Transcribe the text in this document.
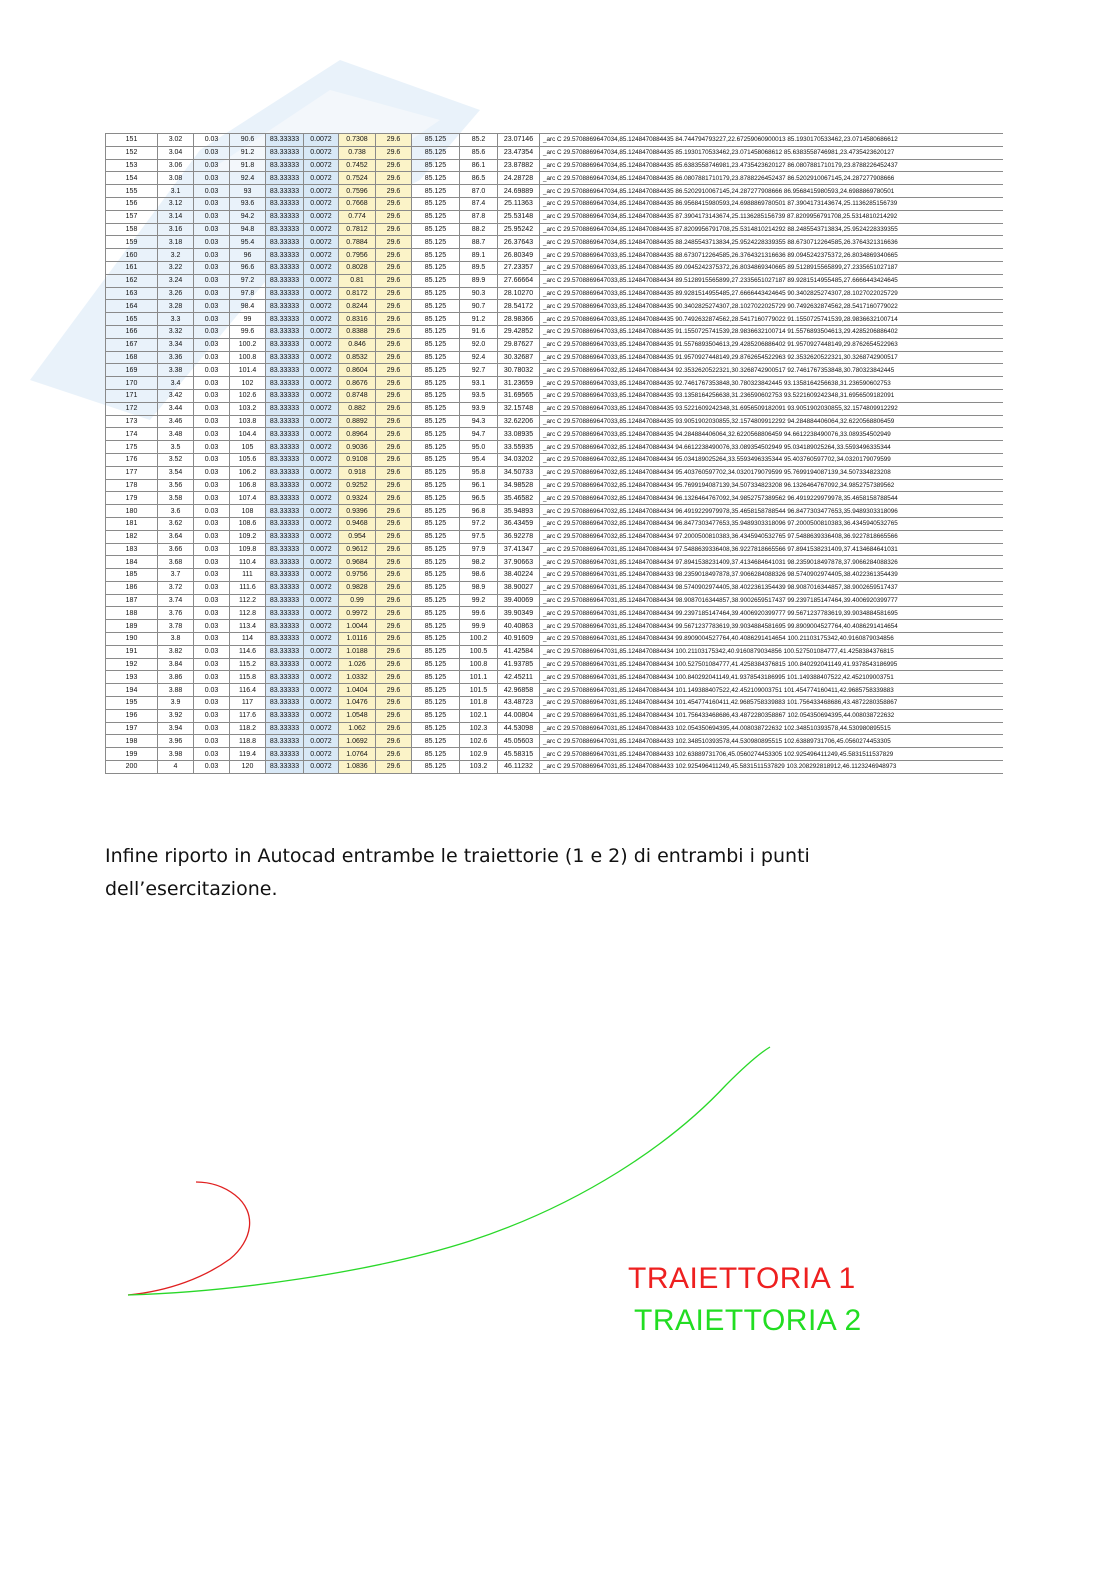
151	3.02	0.03	90.6	83.33333	0.0072	0.7308	29.6	85.125	85.2	23.07146	_arc C 29.5708869647034,85.1248470884435 84.744794793227,22.67259060900013 85.1930170533462,23.0714580686612
152	3.04	0.03	91.2	83.33333	0.0072	0.738	29.6	85.125	85.6	23.47354	_arc C 29.5708869647034,85.1248470884435 85.1930170533462,23.071458068612 85.6383558746981,23.4735423620127
153	3.06	0.03	91.8	83.33333	0.0072	0.7452	29.6	85.125	86.1	23.87882	_arc C 29.5708869647034,85.1248470884435 85.6383558746981,23.4735423620127 86.0807881710179,23.8788226452437
154	3.08	0.03	92.4	83.33333	0.0072	0.7524	29.6	85.125	86.5	24.28728	_arc C 29.5708869647034,85.1248470884435 86.0807881710179,23.8788226452437 86.5202910067145,24.287277908666
155	3.1	0.03	93	83.33333	0.0072	0.7596	29.6	85.125	87.0	24.69889	_arc C 29.5708869647034,85.1248470884435 86.5202910067145,24.287277908666 86.9568415980593,24.6988869780501
156	3.12	0.03	93.6	83.33333	0.0072	0.7668	29.6	85.125	87.4	25.11363	_arc C 29.5708869647034,85.1248470884435 86.9568415980593,24.6988869780501 87.3904173143674,25.1136285156739
157	3.14	0.03	94.2	83.33333	0.0072	0.774	29.6	85.125	87.8	25.53148	_arc C 29.5708869647034,85.1248470884435 87.3904173143674,25.1136285156739 87.8209956791708,25.5314810214292
158	3.16	0.03	94.8	83.33333	0.0072	0.7812	29.6	85.125	88.2	25.95242	_arc C 29.5708869647034,85.1248470884435 87.8209956791708,25.5314810214292 88.2485543713834,25.9524228339355
159	3.18	0.03	95.4	83.33333	0.0072	0.7884	29.6	85.125	88.7	26.37643	_arc C 29.5708869647034,85.1248470884435 88.2485543713834,25.9524228339355 88.6730712264585,26.3764321316636
160	3.2	0.03	96	83.33333	0.0072	0.7956	29.6	85.125	89.1	26.80349	_arc C 29.5708869647033,85.1248470884435 88.6730712264585,26.3764321316636 89.0945242375372,26.8034869340665
161	3.22	0.03	96.6	83.33333	0.0072	0.8028	29.6	85.125	89.5	27.23357	_arc C 29.5708869647033,85.1248470884435 89.0945242375372,26.8034869340665 89.5128915565899,27.2335651027187
162	3.24	0.03	97.2	83.33333	0.0072	0.81	29.6	85.125	89.9	27.66664	_arc C 29.5708869647033,85.1248470884434 89.5128915565899,27.2335651027187 89.9281514955485,27.6666443424645
163	3.26	0.03	97.8	83.33333	0.0072	0.8172	29.6	85.125	90.3	28.10270	_arc C 29.5708869647033,85.1248470884435 89.9281514955485,27.6666443424645 90.3402825274307,28.1027022025729
164	3.28	0.03	98.4	83.33333	0.0072	0.8244	29.6	85.125	90.7	28.54172	_arc C 29.5708869647033,85.1248470884435 90.3402825274307,28.1027022025729 90.7492632874562,28.5417160779022
165	3.3	0.03	99	83.33333	0.0072	0.8316	29.6	85.125	91.2	28.98366	_arc C 29.5708869647033,85.1248470884435 90.7492632874562,28.5417160779022 91.1550725741539,28.9836632100714
166	3.32	0.03	99.6	83.33333	0.0072	0.8388	29.6	85.125	91.6	29.42852	_arc C 29.5708869647033,85.1248470884435 91.1550725741539,28.9836632100714 91.5576893504613,29.4285206886402
167	3.34	0.03	100.2	83.33333	0.0072	0.846	29.6	85.125	92.0	29.87627	_arc C 29.5708869647033,85.1248470884435 91.5576893504613,29.4285206886402 91.9570927448149,29.8762654522963
168	3.36	0.03	100.8	83.33333	0.0072	0.8532	29.6	85.125	92.4	30.32687	_arc C 29.5708869647033,85.1248470884435 91.9570927448149,29.8762654522963 92.3532620522321,30.3268742900517
169	3.38	0.03	101.4	83.33333	0.0072	0.8604	29.6	85.125	92.7	30.78032	_arc C 29.5708869647032,85.1248470884434 92.3532620522321,30.3268742900517 92.7461767353848,30.780323842445
170	3.4	0.03	102	83.33333	0.0072	0.8676	29.6	85.125	93.1	31.23659	_arc C 29.5708869647033,85.1248470884435 92.7461767353848,30.780323842445 93.1358164256638,31.236590602753
171	3.42	0.03	102.6	83.33333	0.0072	0.8748	29.6	85.125	93.5	31.69565	_arc C 29.5708869647033,85.1248470884435 93.1358164256638,31.236590602753 93.5221609242348,31.6956509182091
172	3.44	0.03	103.2	83.33333	0.0072	0.882	29.6	85.125	93.9	32.15748	_arc C 29.5708869647033,85.1248470884435 93.5221609242348,31.6956509182091 93.9051902030855,32.1574809912292
173	3.46	0.03	103.8	83.33333	0.0072	0.8892	29.6	85.125	94.3	32.62206	_arc C 29.5708869647033,85.1248470884435 93.9051902030855,32.1574809912292 94.284884406064,32.6220568806459
174	3.48	0.03	104.4	83.33333	0.0072	0.8964	29.6	85.125	94.7	33.08935	_arc C 29.5708869647033,85.1248470884435 94.284884406064,32.6220568806459 94.6612238490076,33.089354502949
175	3.5	0.03	105	83.33333	0.0072	0.9036	29.6	85.125	95.0	33.55935	_arc C 29.5708869647032,85.1248470884434 94.6612238490076,33.089354502949 95.034189025264,33.5593496335344
176	3.52	0.03	105.6	83.33333	0.0072	0.9108	29.6	85.125	95.4	34.03202	_arc C 29.5708869647032,85.1248470884434 95.034189025264,33.5593496335344 95.403760597702,34.0320179079599
177	3.54	0.03	106.2	83.33333	0.0072	0.918	29.6	85.125	95.8	34.50733	_arc C 29.5708869647032,85.1248470884434 95.403760597702,34.0320179079599 95.7699194087139,34.507334823208
178	3.56	0.03	106.8	83.33333	0.0072	0.9252	29.6	85.125	96.1	34.98528	_arc C 29.5708869647032,85.1248470884434 95.7699194087139,34.507334823208 96.1326464767092,34.9852757389562
179	3.58	0.03	107.4	83.33333	0.0072	0.9324	29.6	85.125	96.5	35.46582	_arc C 29.5708869647032,85.1248470884434 96.1326464767092,34.9852757389562 96.4919229979978,35.4658158788544
180	3.6	0.03	108	83.33333	0.0072	0.9396	29.6	85.125	96.8	35.94893	_arc C 29.5708869647032,85.1248470884434 96.4919229979978,35.4658158788544 96.8477303477653,35.9489303318096
181	3.62	0.03	108.6	83.33333	0.0072	0.9468	29.6	85.125	97.2	36.43459	_arc C 29.5708869647032,85.1248470884434 96.8477303477653,35.9489303318096 97.2000500810383,36.4345940532765
182	3.64	0.03	109.2	83.33333	0.0072	0.954	29.6	85.125	97.5	36.92278	_arc C 29.5708869647032,85.1248470884434 97.2000500810383,36.4345940532765 97.5488639336408,36.9227818665566
183	3.66	0.03	109.8	83.33333	0.0072	0.9612	29.6	85.125	97.9	37.41347	_arc C 29.5708869647031,85.1248470884434 97.5488639336408,36.9227818665566 97.8941538231409,37.4134684641031
184	3.68	0.03	110.4	83.33333	0.0072	0.9684	29.6	85.125	98.2	37.90663	_arc C 29.5708869647031,85.1248470884434 97.8941538231409,37.4134684641031 98.2359018497878,37.9066284088326
185	3.7	0.03	111	83.33333	0.0072	0.9756	29.6	85.125	98.6	38.40224	_arc C 29.5708869647031,85.1248470884433 98.2359018497878,37.9066284088326 98.5740902974405,38.4022361354439
186	3.72	0.03	111.6	83.33333	0.0072	0.9828	29.6	85.125	98.9	38.90027	_arc C 29.5708869647031,85.1248470884434 98.5740902974405,38.4022361354439 98.9087016344857,38.9002659517437
187	3.74	0.03	112.2	83.33333	0.0072	0.99	29.6	85.125	99.2	39.40069	_arc C 29.5708869647031,85.1248470884434 98.9087016344857,38.9002659517437 99.2397185147464,39.4006920399777
188	3.76	0.03	112.8	83.33333	0.0072	0.9972	29.6	85.125	99.6	39.90349	_arc C 29.5708869647031,85.1248470884434 99.2397185147464,39.4006920399777 99.5671237783619,39.9034884581695
189	3.78	0.03	113.4	83.33333	0.0072	1.0044	29.6	85.125	99.9	40.40863	_arc C 29.5708869647031,85.1248470884434 99.5671237783619,39.9034884581695 99.8909004527764,40.4086291414654
190	3.8	0.03	114	83.33333	0.0072	1.0116	29.6	85.125	100.2	40.91609	_arc C 29.5708869647031,85.1248470884434 99.8909004527764,40.4086291414654 100.21103175342,40.9160879034856
191	3.82	0.03	114.6	83.33333	0.0072	1.0188	29.6	85.125	100.5	41.42584	_arc C 29.5708869647031,85.1248470884434 100.21103175342,40.9160879034856 100.527501084777,41.4258384376815
192	3.84	0.03	115.2	83.33333	0.0072	1.026	29.6	85.125	100.8	41.93785	_arc C 29.5708869647031,85.1248470884434 100.527501084777,41.4258384376815 100.840292041149,41.9378543186995
193	3.86	0.03	115.8	83.33333	0.0072	1.0332	29.6	85.125	101.1	42.45211	_arc C 29.5708869647031,85.1248470884434 100.840292041149,41.9378543186995 101.149388407522,42.452109003751
194	3.88	0.03	116.4	83.33333	0.0072	1.0404	29.6	85.125	101.5	42.96858	_arc C 29.5708869647031,85.1248470884434 101.149388407522,42.452109003751 101.454774160411,42.9685758339883
195	3.9	0.03	117	83.33333	0.0072	1.0476	29.6	85.125	101.8	43.48723	_arc C 29.5708869647031,85.1248470884434 101.454774160411,42.9685758339883 101.756433468686,43.4872280358867
196	3.92	0.03	117.6	83.33333	0.0072	1.0548	29.6	85.125	102.1	44.00804	_arc C 29.5708869647031,85.1248470884434 101.756433468686,43.4872280358867 102.054350694395,44.008038722632
197	3.94	0.03	118.2	83.33333	0.0072	1.062	29.6	85.125	102.3	44.53098	_arc C 29.5708869647031,85.1248470884433 102.054350694395,44.008038722632 102.348510393578,44.530980895515
198	3.96	0.03	118.8	83.33333	0.0072	1.0692	29.6	85.125	102.6	45.05603	_arc C 29.5708869647031,85.1248470884433 102.348510393578,44.530980895515 102.63889731706,45.0560274453305
199	3.98	0.03	119.4	83.33333	0.0072	1.0764	29.6	85.125	102.9	45.58315	_arc C 29.5708869647031,85.1248470884433 102.63889731706,45.0560274453305 102.925496411249,45.5831511537829
200	4	0.03	120	83.33333	0.0072	1.0836	29.6	85.125	103.2	46.11232	_arc C 29.5708869647031,85.1248470884433 102.925496411249,45.5831511537829 103.208292818912,46.1123246948973
Infine riporto in Autocad entrambe le traiettorie (1 e 2) di entrambi i punti
dell’esercitazione.
TRAIETTORIA 1
TRAIETTORIA 2
